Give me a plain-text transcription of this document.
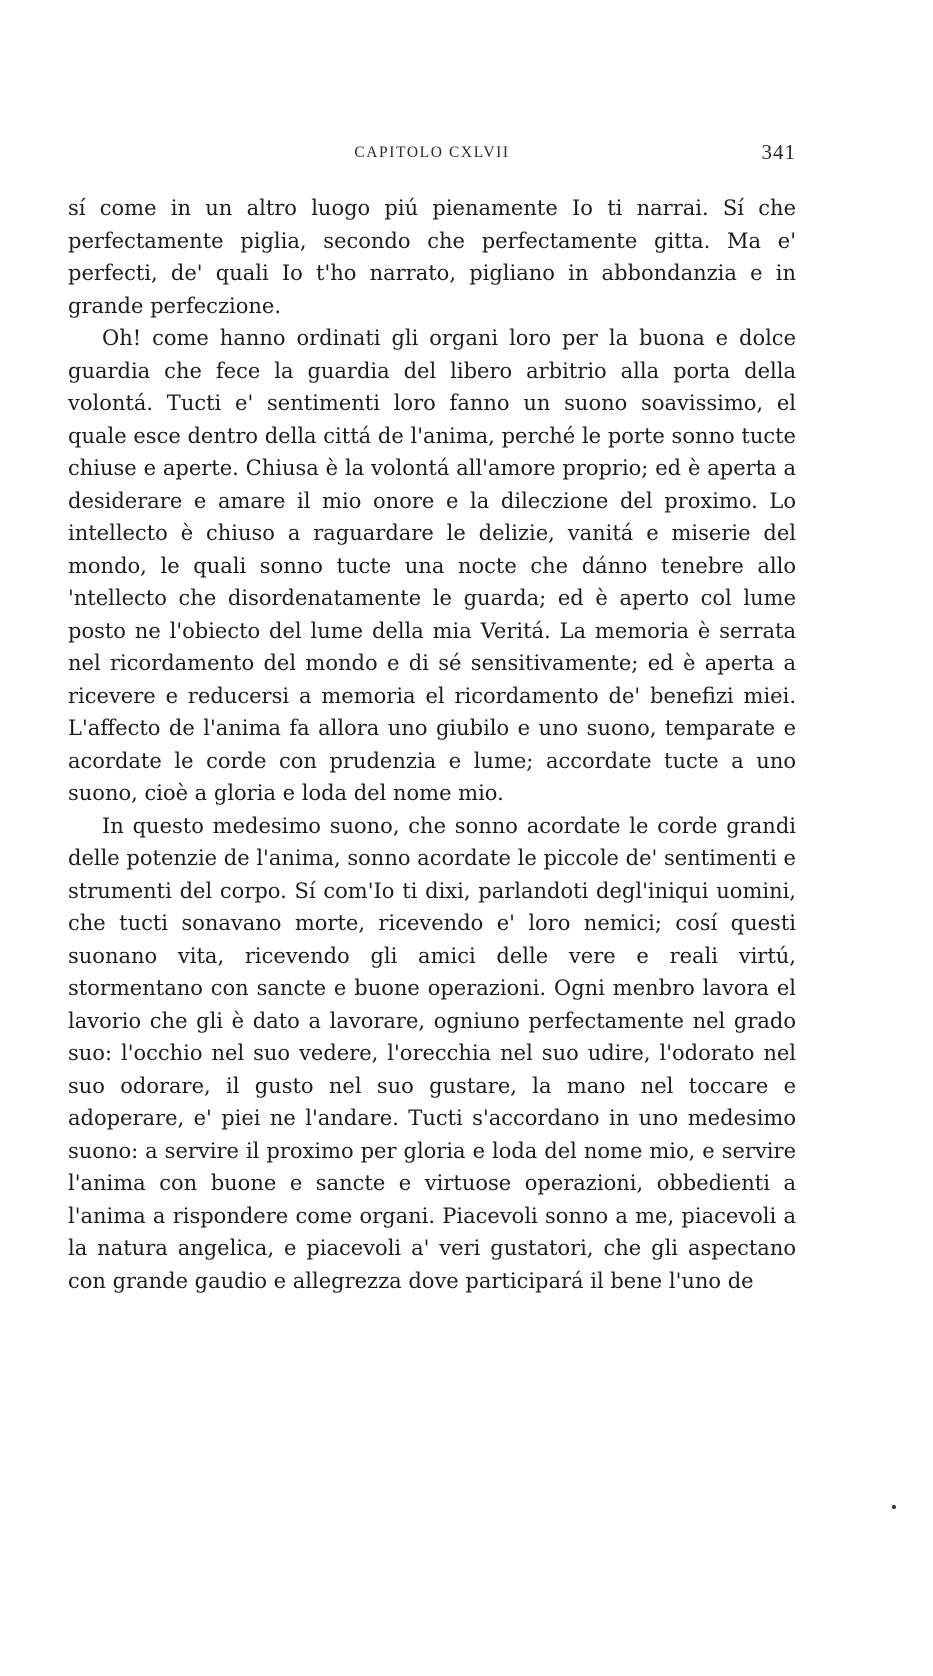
CAPITOLO CXLVII	341

sí come in un altro luogo piú pienamente Io ti narrai. Sí che perfectamente piglia, secondo che perfectamente gitta. Ma e' perfecti, de' quali Io t'ho narrato, pigliano in abbondanzia e in grande perfeczione.

Oh! come hanno ordinati gli organi loro per la buona e dolce guardia che fece la guardia del libero arbitrio alla porta della volontá. Tucti e' sentimenti loro fanno un suono soavissimo, el quale esce dentro della cittá de l'anima, perché le porte sonno tucte chiuse e aperte. Chiusa è la volontá all'amore proprio; ed è aperta a desiderare e amare il mio onore e la dileczione del proximo. Lo intellecto è chiuso a raguardare le delizie, vanitá e miserie del mondo, le quali sonno tucte una nocte che dánno tenebre allo 'ntellecto che disordenatamente le guarda; ed è aperto col lume posto ne l'obiecto del lume della mia Veritá. La memoria è serrata nel ricordamento del mondo e di sé sensitivamente; ed è aperta a ricevere e reducersi a memoria el ricordamento de' benefizi miei. L'affecto de l'anima fa allora uno giubilo e uno suono, temparate e acordate le corde con prudenzia e lume; accordate tucte a uno suono, cioè a gloria e loda del nome mio.

In questo medesimo suono, che sonno acordate le corde grandi delle potenzie de l'anima, sonno acordate le piccole de' sentimenti e strumenti del corpo. Sí com'Io ti dixi, parlandoti degl'iniqui uomini, che tucti sonavano morte, ricevendo e' loro nemici; cosí questi suonano vita, ricevendo gli amici delle vere e reali virtú, stormentano con sancte e buone operazioni. Ogni menbro lavora el lavorio che gli è dato a lavorare, ogniuno perfectamente nel grado suo: l'occhio nel suo vedere, l'orecchia nel suo udire, l'odorato nel suo odorare, il gusto nel suo gustare, la mano nel toccare e adoperare, e' piei ne l'andare. Tucti s'accordano in uno medesimo suono: a servire il proximo per gloria e loda del nome mio, e servire l'anima con buone e sancte e virtuose operazioni, obbedienti a l'anima a rispondere come organi. Piacevoli sonno a me, piacevoli a la natura angelica, e piacevoli a' veri gustatori, che gli aspectano con grande gaudio e allegrezza dove participará il bene l'uno de
